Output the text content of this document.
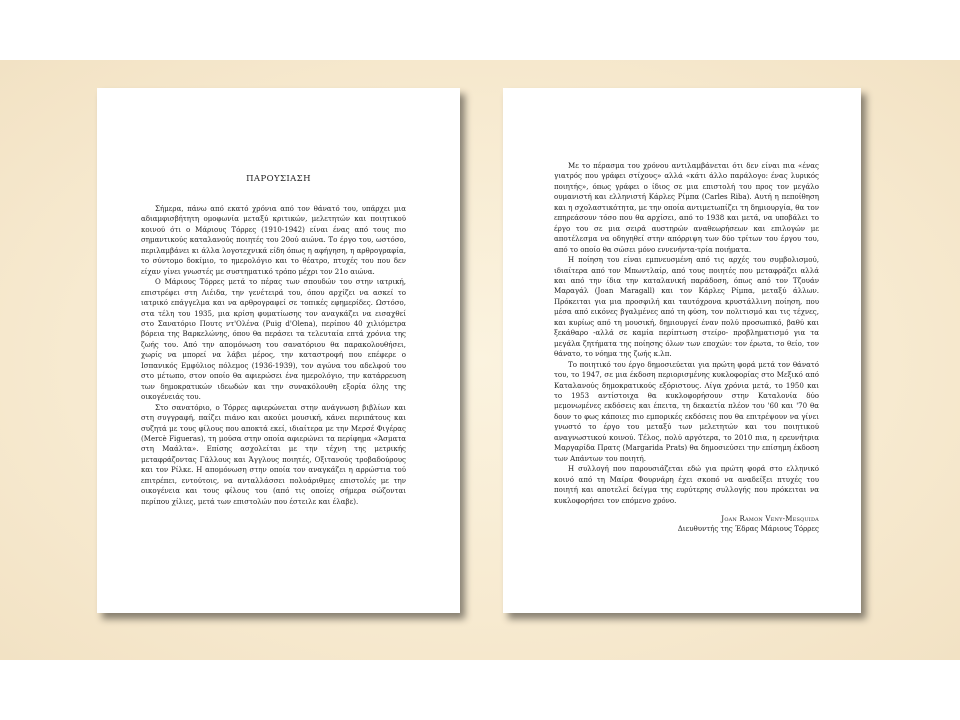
ΠΑΡΟΥΣΙΑΣΗ

Σήμερα, πάνω από εκατό χρόνια από τον θάνατό του, υπάρχει μια αδιαμφισβήτητη ομοφωνία μεταξύ κριτικών, μελετητών και ποιητικού κοινού ότι ο Μάριους Τόρρες (1910-1942) είναι ένας από τους πιο σημαντικούς καταλανούς ποιητές του 20ού αιώνα. Το έργο του, ωστόσο, περιλαμβάνει κι άλλα λογοτεχνικά είδη όπως η αφήγηση, η αρθρογραφία, το σύντομο δοκίμιο, το ημερολόγιο και το θέατρο, πτυχές του που δεν είχαν γίνει γνωστές με συστηματικό τρόπο μέχρι τον 21ο αιώνα.

Ο Μάριους Τόρρες μετά το πέρας των σπουδών του στην ιατρική, επιστρέφει στη Λιέιδα, την γενέτειρά του, όπου αρχίζει να ασκεί το ιατρικό επάγγελμα και να αρθρογραφεί σε τοπικές εφημερίδες. Ωστόσο, στα τέλη του 1935, μια κρίση φυματίωσης τον αναγκάζει να εισαχθεί στο Σανατόριο Πουτς ντ'Ολένα (Puig d'Olena), περίπου 40 χιλιόμετρα βόρεια της Βαρκελώνης, όπου θα περάσει τα τελευταία επτά χρόνια της ζωής του. Από την απομόνωση του σανατόριου θα παρακολουθήσει, χωρίς να μπορεί να λάβει μέρος, την καταστροφή που επέφερε ο Ισπανικός Εμφύλιος πόλεμος (1936-1939), τον αγώνα του αδελφού του στο μέτωπο, στον οποίο θα αφιερώσει ένα ημερολόγιο, την κατάρρευση των δημοκρατικών ιδεωδών και την συνακόλουθη εξορία όλης της οικογένειάς του.

Στο σανατόριο, ο Τόρρες αφιερώνεται στην ανάγνωση βιβλίων και στη συγγραφή, παίζει πιάνο και ακούει μουσική, κάνει περιπάτους και συζητά με τους φίλους που αποκτά εκεί, ιδιαίτερα με την Μερσέ Φιγέρας (Mercè Figueras), τη μούσα στην οποία αφιερώνει τα περίφημα «Άσματα στη Μαάλτα». Επίσης ασχολείται με την τέχνη της μετρικής μεταφράζοντας Γάλλους και Άγγλους ποιητές, Οξιτανούς τροβαδούρους και τον Ρίλκε. Η απομόνωση στην οποία τον αναγκάζει η αρρώστια τού επιτρέπει, εντούτοις, να ανταλλάσσει πολυάριθμες επιστολές με την οικογένεια και τους φίλους του (από τις οποίες σήμερα σώζονται περίπου χίλιες, μετά των επιστολών που έστειλε και έλαβε).

Με το πέρασμα του χρόνου αντιλαμβάνεται ότι δεν είναι πια «ένας γιατρός που γράφει στίχους» αλλά «κάτι άλλο παράλογο: ένας λυρικός ποιητής», όπως γράφει ο ίδιος σε μια επιστολή του προς τον μεγάλο ουμανιστή και ελληνιστή Κάρλες Ρίμπα (Carles Riba). Αυτή η πεποίθηση και η σχολαστικότητα, με την οποία αντιμετωπίζει τη δημιουργία, θα τον επηρεάσουν τόσο που θα αρχίσει, από το 1938 και μετά, να υποβάλει το έργο του σε μια σειρά αυστηρών αναθεωρήσεων και επιλογών με αποτέλεσμα να οδηγηθεί στην απόρριψη των δύο τρίτων του έργου του, από το οποίο θα σώσει μόνο εννενήντα-τρία ποιήματα.

Η ποίηση του είναι εμπνευσμένη από τις αρχές του συμβολισμού, ιδιαίτερα από τον Μπωντλαίρ, από τους ποιητές που μεταφράζει αλλά και από την ίδια την καταλανική παράδοση, όπως από τον Τζουάν Μαραγάλ (Joan Maragall) και τον Κάρλες Ρίμπα, μεταξύ άλλων. Πρόκειται για μια προσφιλή και ταυτόχρονα κρυστάλλινη ποίηση, που μέσα από εικόνες βγαλμένες από τη φύση, τον πολιτισμό και τις τέχνες, και κυρίως από τη μουσική, δημιουργεί έναν πολύ προσωπικό, βαθύ και ξεκάθαρο -αλλά σε καμία περίπτωση στείρο- προβληματισμό για τα μεγάλα ζητήματα της ποίησης όλων των εποχών: τον έρωτα, το θείο, τον θάνατο, το νόημα της ζωής κ.λπ.

Το ποιητικό του έργο δημοσιεύεται για πρώτη φορά μετά τον θάνατό του, το 1947, σε μια έκδοση περιορισμένης κυκλοφορίας στο Μεξικό από Καταλανούς δημοκρατικούς εξόριστους. Λίγα χρόνια μετά, το 1950 και το 1953 αντίστοιχα θα κυκλοφορήσουν στην Καταλονία δύο μεμονωμένες εκδόσεις και έπειτα, τη δεκαετία πλέον του '60 και '70 θα δουν το φως κάποιες πιο εμπορικές εκδόσεις που θα επιτρέψουν να γίνει γνωστό το έργο του μεταξύ των μελετητών και του ποιητικού αναγνωστικού κοινού. Τέλος, πολύ αργότερα, το 2010 πια, η ερευνήτρια Μαργαρίδα Πρατς (Margarida Prats) θα δημοσιεύσει την επίσημη έκδοση των Απάντων του ποιητή.

Η συλλογή που παρουσιάζεται εδώ για πρώτη φορά στο ελληνικό κοινό από τη Μαίρα Φουρνάρη έχει σκοπό να αναδείξει πτυχές του ποιητή και αποτελεί δείγμα της ευρύτερης συλλογής που πρόκειται να κυκλοφορήσει τον επόμενο χρόνο.

Joan Ramon Veny-Mesquida
Διευθυντής της Έδρας Μάριους Τόρρες
